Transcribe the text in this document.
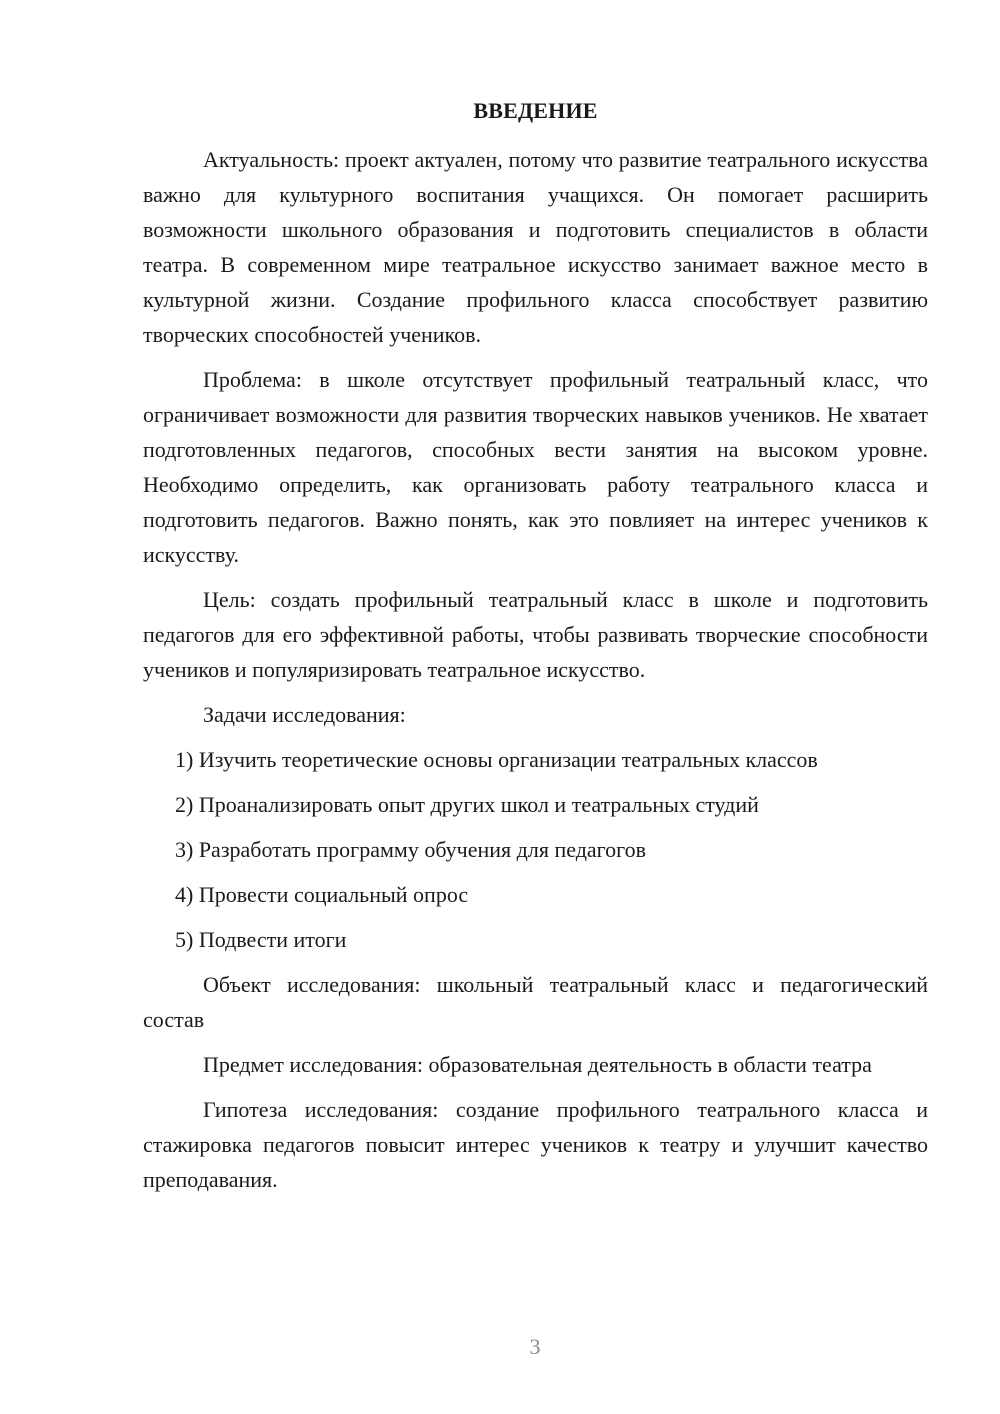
ВВЕДЕНИЕ

Актуальность: проект актуален, потому что развитие театрального искусства важно для культурного воспитания учащихся. Он помогает расширить возможности школьного образования и подготовить специалистов в области театра. В современном мире театральное искусство занимает важное место в культурной жизни. Создание профильного класса способствует развитию творческих способностей учеников.

Проблема: в школе отсутствует профильный театральный класс, что ограничивает возможности для развития творческих навыков учеников. Не хватает подготовленных педагогов, способных вести занятия на высоком уровне. Необходимо определить, как организовать работу театрального класса и подготовить педагогов. Важно понять, как это повлияет на интерес учеников к искусству.

Цель: создать профильный театральный класс в школе и подготовить педагогов для его эффективной работы, чтобы развивать творческие способности учеников и популяризировать театральное искусство.

Задачи исследования:

1) Изучить теоретические основы организации театральных классов
2) Проанализировать опыт других школ и театральных студий
3) Разработать программу обучения для педагогов
4) Провести социальный опрос
5) Подвести итоги

Объект исследования: школьный театральный класс и педагогический состав

Предмет исследования: образовательная деятельность в области театра

Гипотеза исследования: создание профильного театрального класса и стажировка педагогов повысит интерес учеников к театру и улучшит качество преподавания.

3
